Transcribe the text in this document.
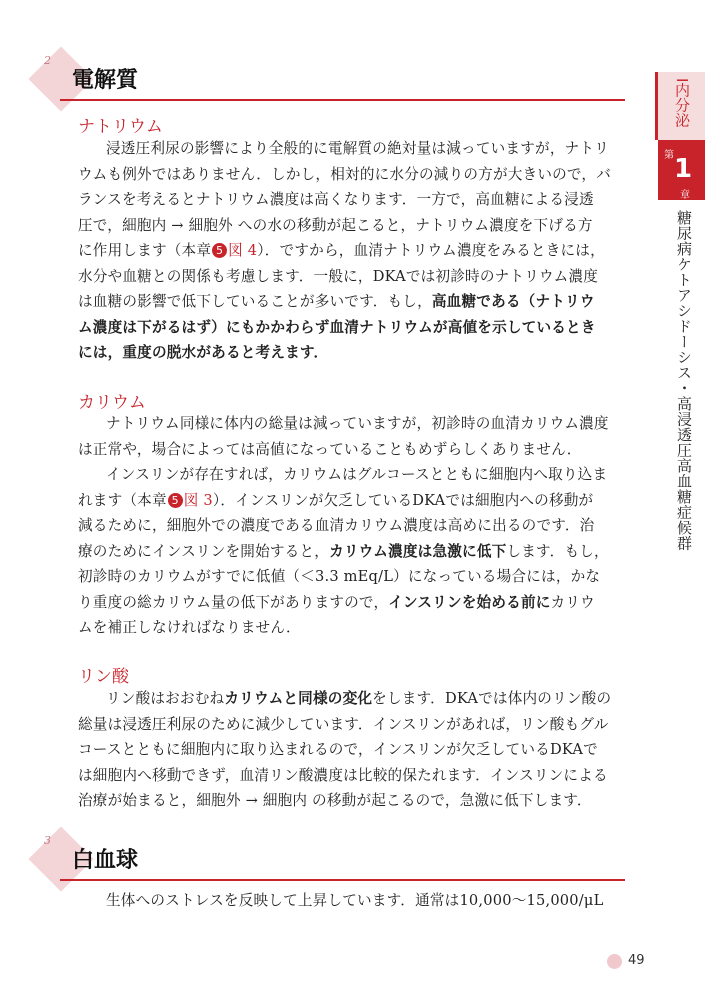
I内分泌
第 1
章
糖尿病ケトアシドーシス・高浸透圧高血糖症候群
2
電解質
ナトリウム
浸透圧利尿の影響により全般的に電解質の絶対量は減っていますが，ナトリ
ウムも例外ではありません．しかし，相対的に水分の減りの方が大きいので，バ
ランスを考えるとナトリウム濃度は高くなります．一方で，高血糖による浸透
圧で，細胞内 → 細胞外 への水の移動が起こると，ナトリウム濃度を下げる方
に作用します（本章 5 図 4）．ですから，血清ナトリウム濃度をみるときには，
水分や血糖との関係も考慮します．一般に，DKAでは初診時のナトリウム濃度
は血糖の影響で低下していることが多いです．もし，高血糖である（ナトリウ
ム濃度は下がるはず）にもかかわらず血清ナトリウムが高値を示しているとき
には，重度の脱水があると考えます．
カリウム
ナトリウム同様に体内の総量は減っていますが，初診時の血清カリウム濃度
は正常や，場合によっては高値になっていることもめずらしくありません．
インスリンが存在すれば，カリウムはグルコースとともに細胞内へ取り込ま
れます（本章 5 図 3）．インスリンが欠乏しているDKAでは細胞内への移動が
減るために，細胞外での濃度である血清カリウム濃度は高めに出るのです．治
療のためにインスリンを開始すると，カリウム濃度は急激に低下します．もし，
初診時のカリウムがすでに低値（＜3.3 mEq/L）になっている場合には，かな
り重度の総カリウム量の低下がありますので，インスリンを始める前にカリウ
ムを補正しなければなりません．
リン酸
リン酸はおおむねカリウムと同様の変化をします．DKAでは体内のリン酸の
総量は浸透圧利尿のために減少しています．インスリンがあれば，リン酸もグル
コースとともに細胞内に取り込まれるので，インスリンが欠乏しているDKAで
は細胞内へ移動できず，血清リン酸濃度は比較的保たれます．インスリンによる
治療が始まると，細胞外 → 細胞内 の移動が起こるので，急激に低下します．
3
白血球
生体へのストレスを反映して上昇しています．通常は10,000～15,000/μL
49
